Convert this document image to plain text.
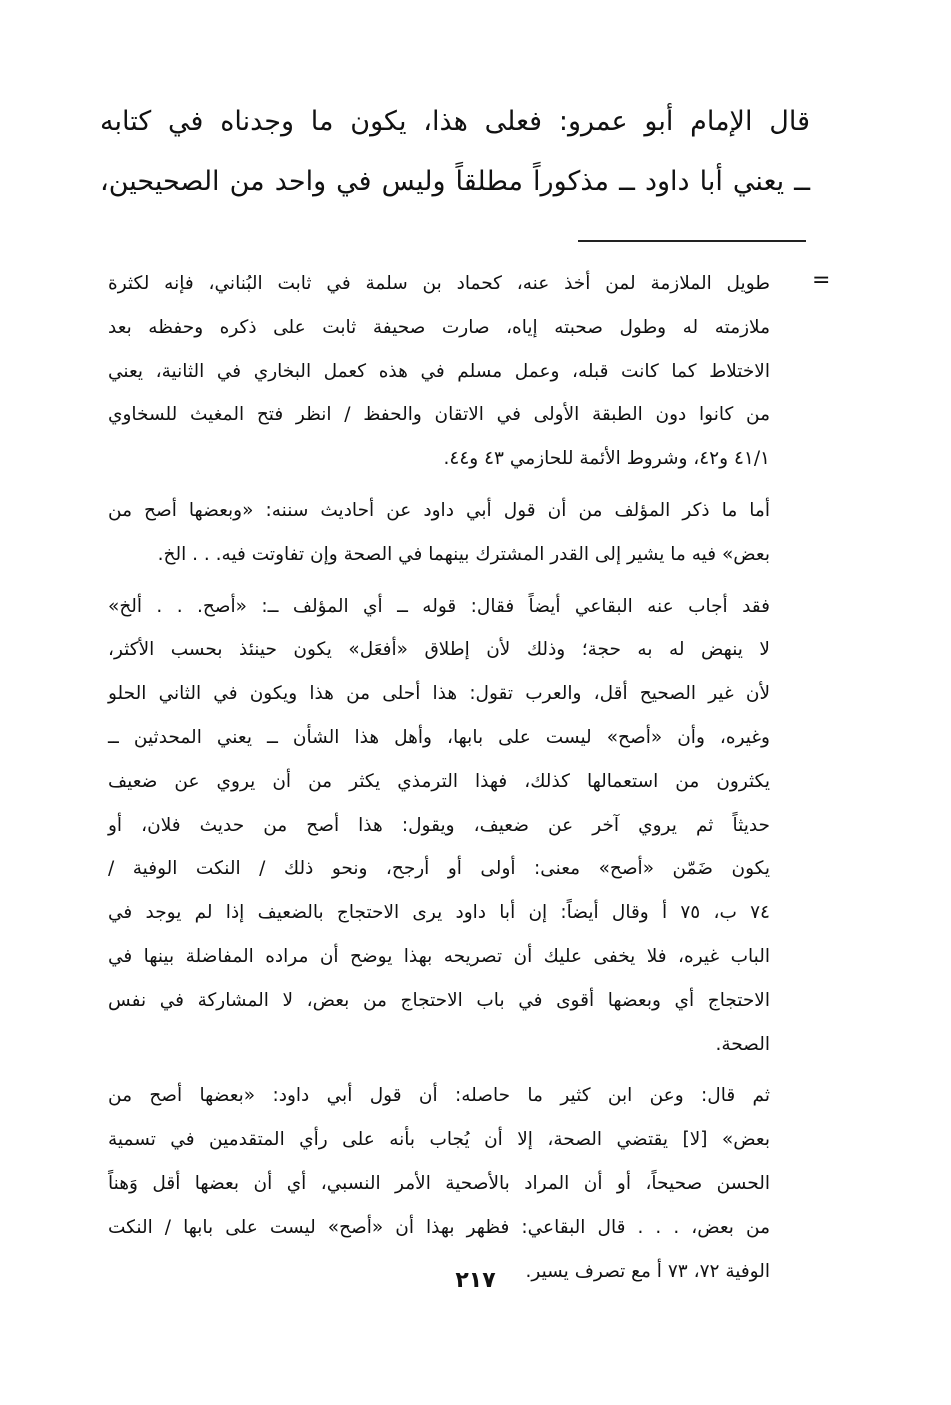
قال الإمام أبو عمرو: فعلى هذا، يكون ما وجدناه في كتابه
ــ يعني أبا داود ــ مذكوراً مطلقاً وليس في واحد من الصحيحين،
=
طويل الملازمة لمن أخذ عنه، كحماد بن سلمة في ثابت البُناني، فإنه لكثرة
ملازمته له وطول صحبته إياه، صارت صحيفة ثابت على ذكره وحفظه بعد
الاختلاط كما كانت قبله، وعمل مسلم في هذه كعمل البخاري في الثانية، يعني
من كانوا دون الطبقة الأولى في الاتقان والحفظ / انظر فتح المغيث للسخاوي
٤١/١ و٤٢، وشروط الأئمة للحازمي ٤٣ و٤٤.
أما ما ذكر المؤلف من أن قول أبي داود عن أحاديث سننه: «وبعضها أصح من
بعض» فيه ما يشير إلى القدر المشترك بينهما في الصحة وإن تفاوتت فيه. . . الخ.
فقد أجاب عنه البقاعي أيضاً فقال: قوله ــ أي المؤلف ــ: «أصح. . . ألخ»
لا ينهض له به حجة؛ وذلك لأن إطلاق «أفعَل» يكون حينئذ بحسب الأكثر،
لأن غير الصحيح أقل، والعرب تقول: هذا أحلى من هذا ويكون في الثاني الحلو
وغيره، وأن «أصح» ليست على بابها، وأهل هذا الشأن ــ يعني المحدثين ــ
يكثرون من استعمالها كذلك، فهذا الترمذي يكثر من أن يروي عن ضعيف
حديثاً ثم يروي آخر عن ضعيف، ويقول: هذا أصح من حديث فلان، أو
يكون ضَمّن «أصح» معنى: أولى أو أرجح، ونحو ذلك / النكت الوفية /
٧٤ ب، ٧٥ أ وقال أيضاً: إن أبا داود يرى الاحتجاج بالضعيف إذا لم يوجد في
الباب غيره، فلا يخفى عليك أن تصريحه بهذا يوضح أن مراده المفاضلة بينها في
الاحتجاج أي وبعضها أقوى في باب الاحتجاج من بعض، لا المشاركة في نفس
الصحة.
ثم قال: وعن ابن كثير ما حاصله: أن قول أبي داود: «بعضها أصح من
بعض» [لا] يقتضي الصحة، إلا أن يُجاب بأنه على رأي المتقدمين في تسمية
الحسن صحيحاً، أو أن المراد بالأصحية الأمر النسبي، أي أن بعضها أقل وَهناً
من بعض، . . . قال البقاعي: فظهر بهذا أن «أصح» ليست على بابها / النكت
الوفية ٧٢، ٧٣ أ مع تصرف يسير.
٢١٧
